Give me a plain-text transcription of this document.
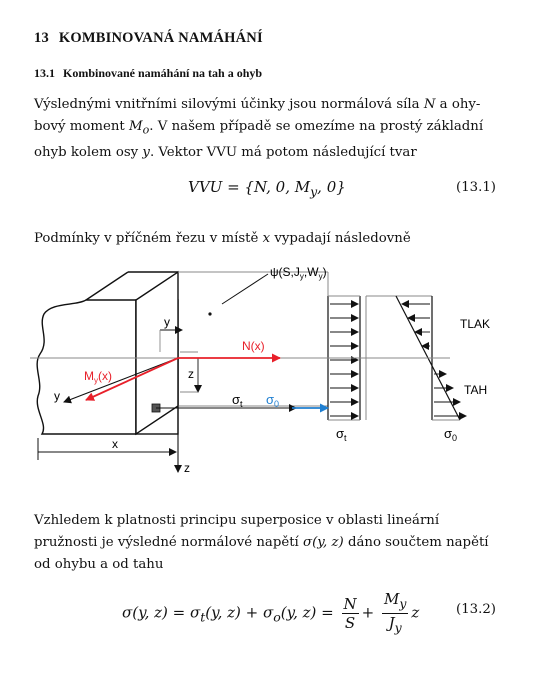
13 KOMBINOVANÁ NAMÁHÁNÍ
13.1 Kombinované namáhání na tah a ohyb

Výslednými vnitřními silovými účinky jsou normálová síla N a ohy-bový moment $M_o$. V našem případě se omezíme na prostý základní ohyb kolem osy y. Vektor VVU má potom následující tvar

VVU = {N, 0, $M_y$, 0}	(13.1)

Podmínky v příčném řezu v místě x vypadají následovně

$\psi(S,J_y,W_y)$
y
z
y
x
z
N(x)
$M_y(x)$
$\sigma_t$ $\sigma_0$
$\sigma_t$	$\sigma_0$
TLAK
TAH

Vzhledem k platnosti principu superposice v oblasti lineární pružnosti je výsledné normálové napětí σ(y, z) dáno součtem napětí od ohybu a od tahu

σ(y, $z) = \sigma_t(y$, $z) + \sigma_o(y$, $z) = \frac{N}{S} + \frac{M_y}{J_y}$ z	(13.2)
